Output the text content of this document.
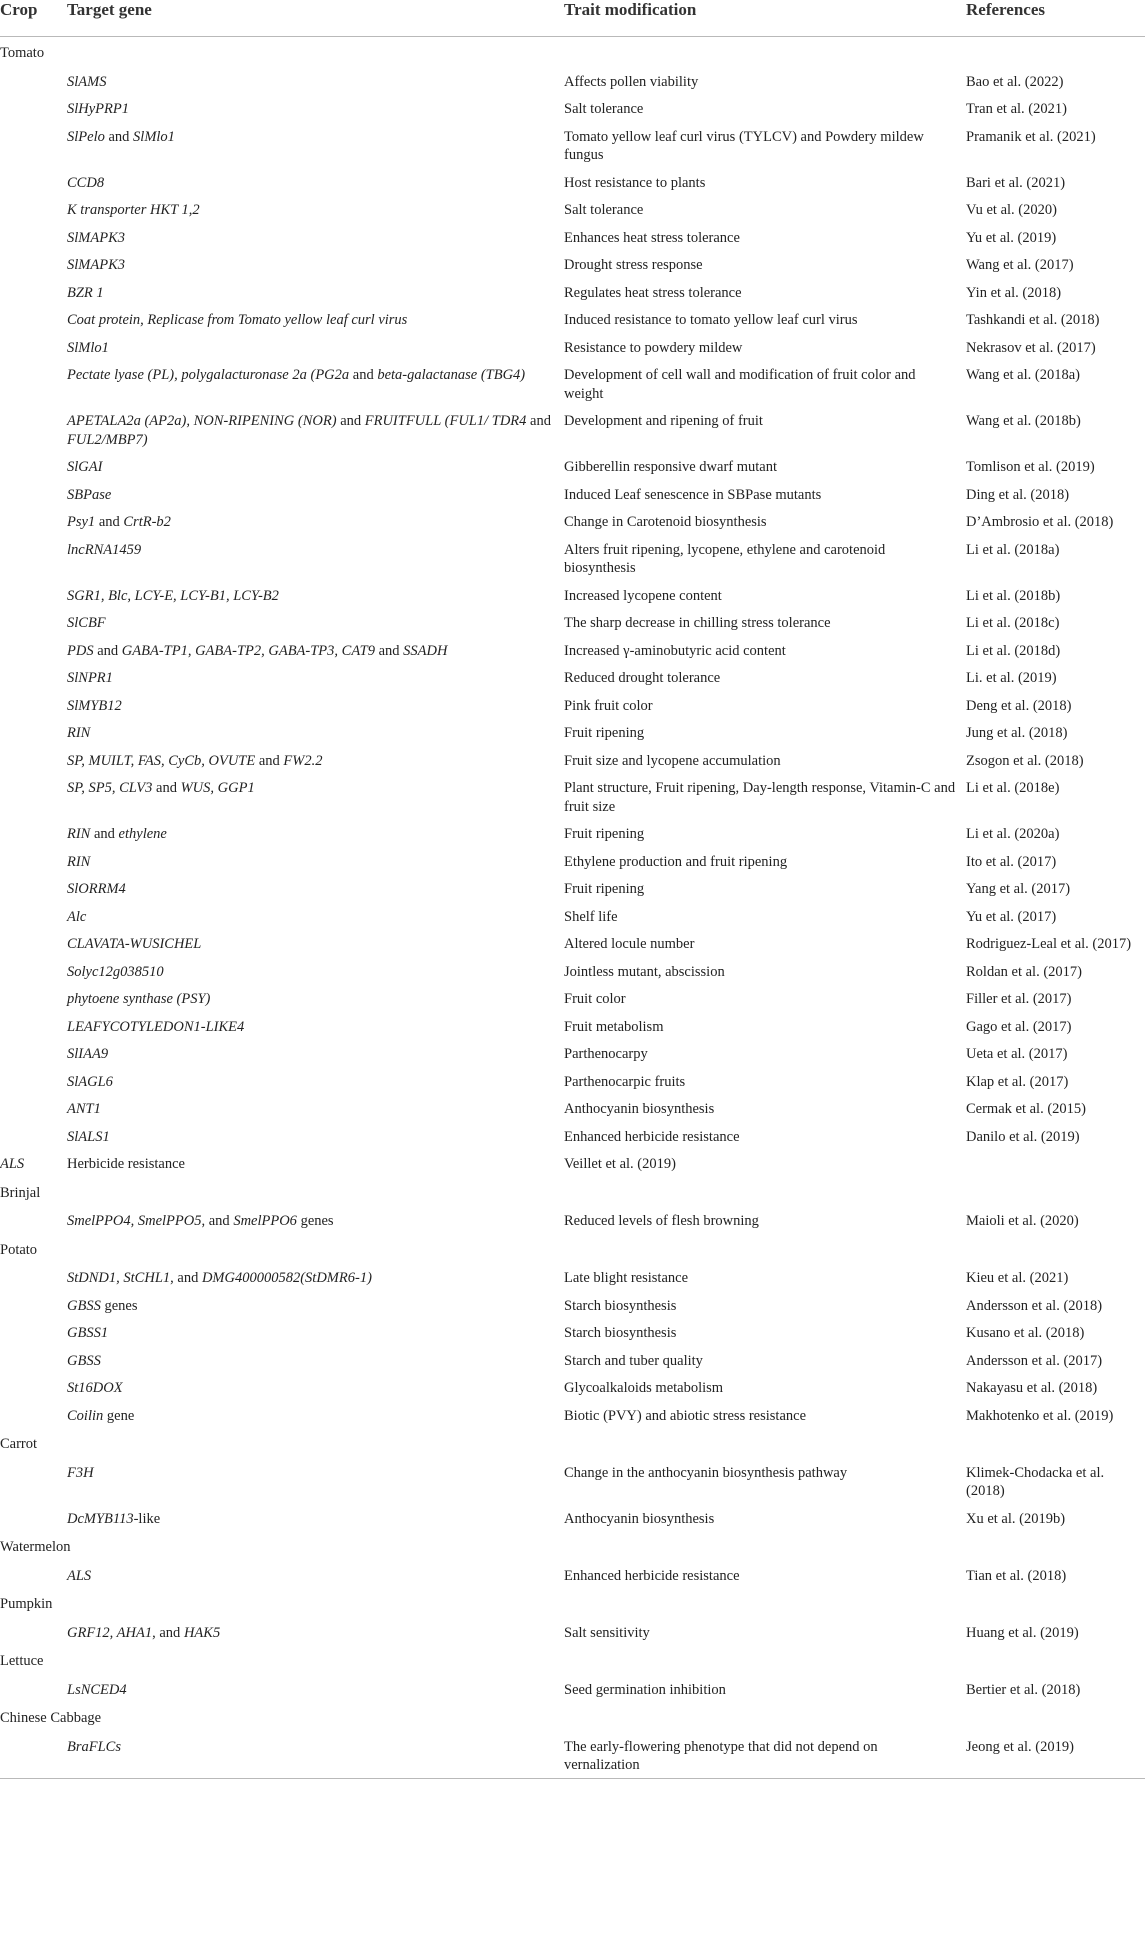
Crop	Target gene	Trait modification	References
Tomato			
	SlAMS	Affects pollen viability	Bao et al. (2022)
	SlHyPRP1	Salt tolerance	Tran et al. (2021)
	SlPelo and SlMlo1	Tomato yellow leaf curl virus (TYLCV) and Powdery mildew fungus	Pramanik et al. (2021)
	CCD8	Host resistance to plants	Bari et al. (2021)
	K transporter HKT 1,2	Salt tolerance	Vu et al. (2020)
	SlMAPK3	Enhances heat stress tolerance	Yu et al. (2019)
	SlMAPK3	Drought stress response	Wang et al. (2017)
	BZR 1	Regulates heat stress tolerance	Yin et al. (2018)
	Coat protein, Replicase from Tomato yellow leaf curl virus	Induced resistance to tomato yellow leaf curl virus	Tashkandi et al. (2018)
	SlMlo1	Resistance to powdery mildew	Nekrasov et al. (2017)
	Pectate lyase (PL), polygalacturonase 2a (PG2a and beta-galactanase (TBG4)	Development of cell wall and modification of fruit color and weight	Wang et al. (2018a)
	APETALA2a (AP2a), NON-RIPENING (NOR) and FRUITFULL (FUL1/ TDR4 and FUL2/MBP7)	Development and ripening of fruit	Wang et al. (2018b)
	SlGAI	Gibberellin responsive dwarf mutant	Tomlison et al. (2019)
	SBPase	Induced Leaf senescence in SBPase mutants	Ding et al. (2018)
	Psy1 and CrtR-b2	Change in Carotenoid biosynthesis	D’Ambrosio et al. (2018)
	lncRNA1459	Alters fruit ripening, lycopene, ethylene and carotenoid biosynthesis	Li et al. (2018a)
	SGR1, Blc, LCY-E, LCY-B1, LCY-B2	Increased lycopene content	Li et al. (2018b)
	SlCBF	The sharp decrease in chilling stress tolerance	Li et al. (2018c)
	PDS and GABA-TP1, GABA-TP2, GABA-TP3, CAT9 and SSADH	Increased γ-aminobutyric acid content	Li et al. (2018d)
	SlNPR1	Reduced drought tolerance	Li. et al. (2019)
	SlMYB12	Pink fruit color	Deng et al. (2018)
	RIN	Fruit ripening	Jung et al. (2018)
	SP, MUILT, FAS, CyCb, OVUTE and FW2.2	Fruit size and lycopene accumulation	Zsogon et al. (2018)
	SP, SP5, CLV3 and WUS, GGP1	Plant structure, Fruit ripening, Day-length response, Vitamin-C and fruit size	Li et al. (2018e)
	RIN and ethylene	Fruit ripening	Li et al. (2020a)
	RIN	Ethylene production and fruit ripening	Ito et al. (2017)
	SlORRM4	Fruit ripening	Yang et al. (2017)
	Alc	Shelf life	Yu et al. (2017)
	CLAVATA-WUSICHEL	Altered locule number	Rodriguez-Leal et al. (2017)
	Solyc12g038510	Jointless mutant, abscission	Roldan et al. (2017)
	phytoene synthase (PSY)	Fruit color	Filler et al. (2017)
	LEAFYCOTYLEDON1-LIKE4	Fruit metabolism	Gago et al. (2017)
	SlIAA9	Parthenocarpy	Ueta et al. (2017)
	SlAGL6	Parthenocarpic fruits	Klap et al. (2017)
	ANT1	Anthocyanin biosynthesis	Cermak et al. (2015)
	SlALS1	Enhanced herbicide resistance	Danilo et al. (2019)
ALS	Herbicide resistance	Veillet et al. (2019)	
Brinjal			
	SmelPPO4, SmelPPO5, and SmelPPO6 genes	Reduced levels of flesh browning	Maioli et al. (2020)
Potato			
	StDND1, StCHL1, and DMG400000582(StDMR6-1)	Late blight resistance	Kieu et al. (2021)
	GBSS genes	Starch biosynthesis	Andersson et al. (2018)
	GBSS1	Starch biosynthesis	Kusano et al. (2018)
	GBSS	Starch and tuber quality	Andersson et al. (2017)
	St16DOX	Glycoalkaloids metabolism	Nakayasu et al. (2018)
	Coilin gene	Biotic (PVY) and abiotic stress resistance	Makhotenko et al. (2019)
Carrot			
	F3H	Change in the anthocyanin biosynthesis pathway	Klimek-Chodacka et al. (2018)
	DcMYB113-like	Anthocyanin biosynthesis	Xu et al. (2019b)
Watermelon			
	ALS	Enhanced herbicide resistance	Tian et al. (2018)
Pumpkin			
	GRF12, AHA1, and HAK5	Salt sensitivity	Huang et al. (2019)
Lettuce			
	LsNCED4	Seed germination inhibition	Bertier et al. (2018)
Chinese Cabbage			
	BraFLCs	The early-flowering phenotype that did not depend on vernalization	Jeong et al. (2019)
